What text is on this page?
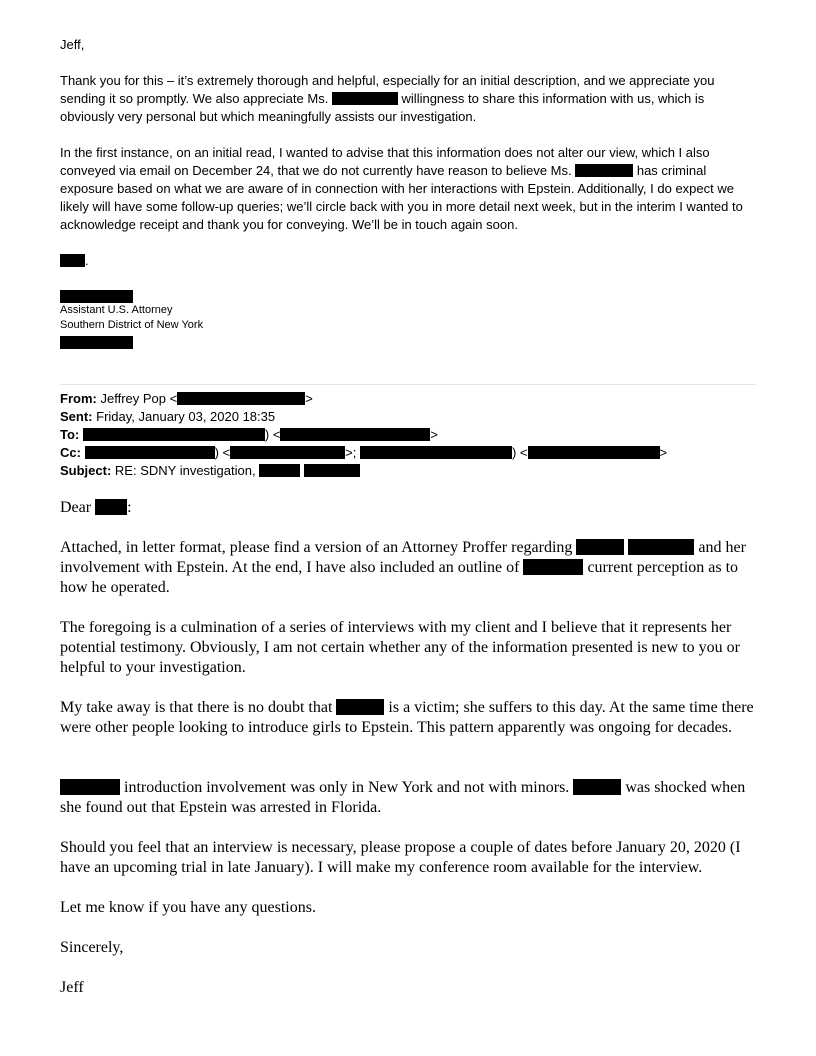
Jeff,

Thank you for this – it’s extremely thorough and helpful, especially for an initial description, and we appreciate you sending it so promptly. We also appreciate Ms.	willingness to share this information with us, which is obviously very personal but which meaningfully assists our investigation.

In the first instance, on an initial read, I wanted to advise that this information does not alter our view, which I also conveyed via email on December 24, that we do not currently have reason to believe Ms.	has criminal exposure based on what we are aware of in connection with her interactions with Epstein. Additionally, I do expect we likely will have some follow-up queries; we’ll circle back with you in more detail next week, but in the interim I wanted to acknowledge receipt and thank you for conveying. We’ll be in touch again soon.

.

Assistant U.S. Attorney

Southern District of New York

From: Jeffrey Pop <	>

Sent: Friday, January 03, 2020 18:35

To:	) <	>

Cc:	) <	>;	) <	>

Subject: RE: SDNY investigation,

Dear :

Attached, in letter format, please find a version of an Attorney Proffer regarding	and her involvement with Epstein. At the end, I have also included an outline of	current perception as to how he operated.

The foregoing is a culmination of a series of interviews with my client and I believe that it represents her potential testimony. Obviously, I am not certain whether any of the information presented is new to you or helpful to your investigation.

My take away is that there is no doubt that	is a victim; she suffers to this day. At the same time there were other people looking to introduce girls to Epstein. This pattern apparently was ongoing for decades.

introduction involvement was only in New York and not with minors.	was shocked when she found out that Epstein was arrested in Florida.

Should you feel that an interview is necessary, please propose a couple of dates before January 20, 2020 (I have an upcoming trial in late January). I will make my conference room available for the interview.
Let me know if you have any questions.
Sincerely,
Jeff
